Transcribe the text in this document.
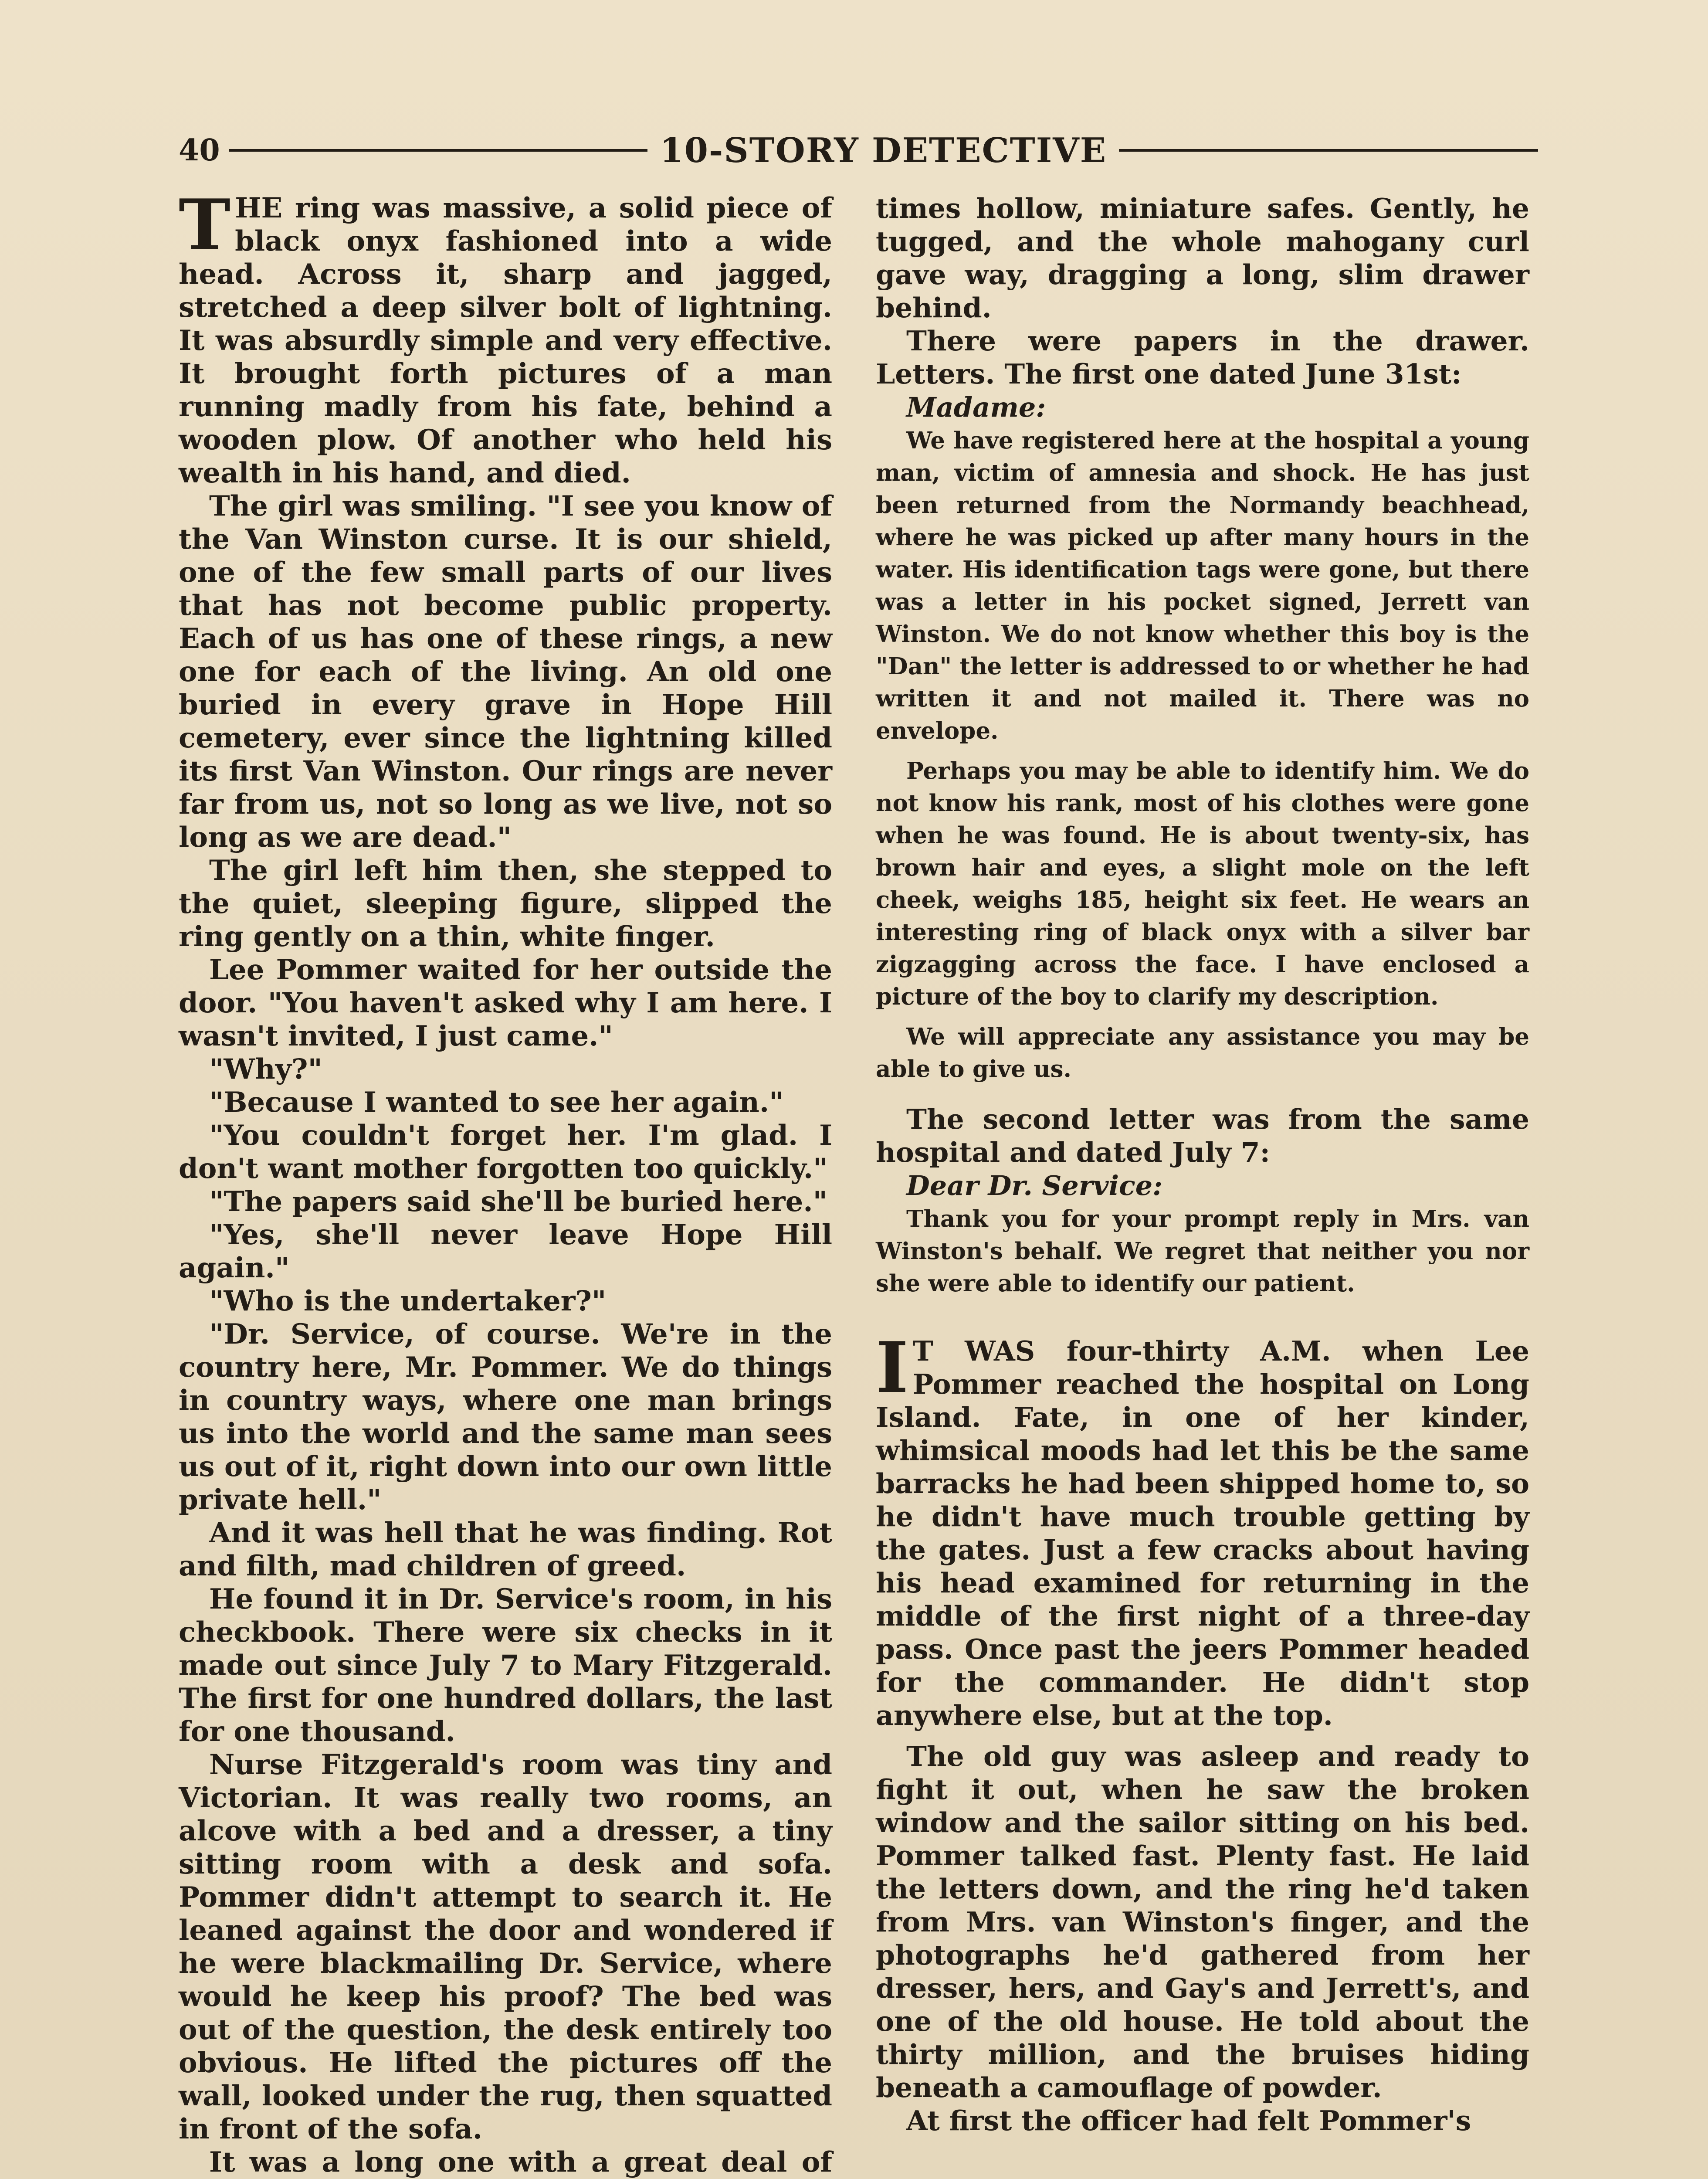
40	10-STORY DETECTIVE

THE ring was massive, a solid piece of black onyx fashioned into a wide head. Across it, sharp and jagged, stretched a deep silver bolt of lightning. It was absurdly simple and very effective. It brought forth pictures of a man running madly from his fate, behind a wooden plow. Of another who held his wealth in his hand, and died.

The girl was smiling. "I see you know of the Van Winston curse. It is our shield, one of the few small parts of our lives that has not become public property. Each of us has one of these rings, a new one for each of the living. An old one buried in every grave in Hope Hill cemetery, ever since the lightning killed its first Van Winston. Our rings are never far from us, not so long as we live, not so long as we are dead."

The girl left him then, she stepped to the quiet, sleeping figure, slipped the ring gently on a thin, white finger.

Lee Pommer waited for her outside the door. "You haven't asked why I am here. I wasn't invited, I just came."

"Why?"

"Because I wanted to see her again."

"You couldn't forget her. I'm glad. I don't want mother forgotten too quickly."

"The papers said she'll be buried here."

"Yes, she'll never leave Hope Hill again."

"Who is the undertaker?"

"Dr. Service, of course. We're in the country here, Mr. Pommer. We do things in country ways, where one man brings us into the world and the same man sees us out of it, right down into our own little private hell."

And it was hell that he was finding. Rot and filth, mad children of greed.

He found it in Dr. Service's room, in his checkbook. There were six checks in it made out since July 7 to Mary Fitzgerald. The first for one hundred dollars, the last for one thousand.

Nurse Fitzgerald's room was tiny and Victorian. It was really two rooms, an alcove with a bed and a dresser, a tiny sitting room with a desk and sofa. Pommer didn't attempt to search it. He leaned against the door and wondered if he were blackmailing Dr. Service, where would he keep his proof? The bed was out of the question, the desk entirely too obvious. He lifted the pictures off the wall, looked under the rug, then squatted in front of the sofa.

It was a long one with a great deal of

times hollow, miniature safes. Gently, he tugged, and the whole mahogany curl gave way, dragging a long, slim drawer behind.

There were papers in the drawer. Letters. The first one dated June 31st:

Madame:

We have registered here at the hospital a young man, victim of amnesia and shock. He has just been returned from the Normandy beachhead, where he was picked up after many hours in the water. His identification tags were gone, but there was a letter in his pocket signed, Jerrett van Winston. We do not know whether this boy is the "Dan" the letter is addressed to or whether he had written it and not mailed it. There was no envelope.

Perhaps you may be able to identify him. We do not know his rank, most of his clothes were gone when he was found. He is about twenty-six, has brown hair and eyes, a slight mole on the left cheek, weighs 185, height six feet. He wears an interesting ring of black onyx with a silver bar zigzagging across the face. I have enclosed a picture of the boy to clarify my description.

We will appreciate any assistance you may be able to give us.

The second letter was from the same hospital and dated July 7:

Dear Dr. Service:

Thank you for your prompt reply in Mrs. van Winston's behalf. We regret that neither you nor she were able to identify our patient.

I T WAS four-thirty A.M. when Lee Pommer reached the hospital on Long Island. Fate, in one of her kinder, whimsical moods had let this be the same barracks he had been shipped home to, so he didn't have much trouble getting by the gates. Just a few cracks about having his head examined for returning in the middle of the first night of a three-day pass. Once past the jeers Pommer headed for the commander. He didn't stop anywhere else, but at the top.

The old guy was asleep and ready to fight it out, when he saw the broken window and the sailor sitting on his bed. Pommer talked fast. Plenty fast. He laid the letters down, and the ring he'd taken from Mrs. van Winston's finger, and the photographs he'd gathered from her dresser, hers, and Gay's and Jerrett's, and one of the old house. He told about the thirty million, and the bruises hiding beneath a camouflage of powder.

At first the officer had felt Pommer's
